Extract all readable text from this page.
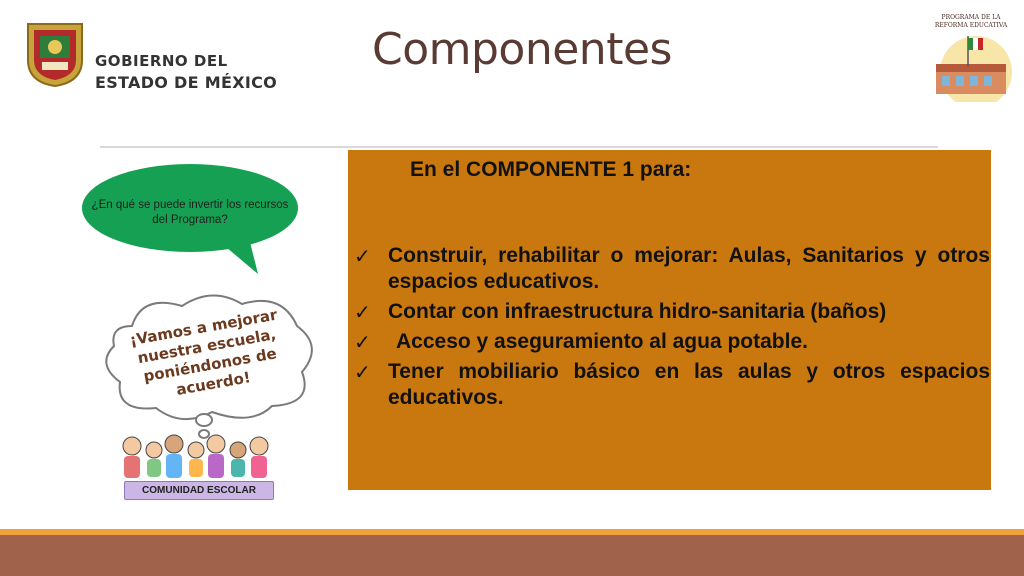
GOBIERNO DEL
ESTADO DE MÉXICO
Componentes
PROGRAMA DE LA
REFORMA EDUCATIVA
¿En qué se puede invertir los recursos del Programa?
¡Vamos a mejorar nuestra escuela, poniéndonos de acuerdo!
COMUNIDAD ESCOLAR
En el COMPONENTE 1 para:
✓ Construir, rehabilitar o mejorar: Aulas, Sanitarios y otros espacios educativos.
✓ Contar con infraestructura hidro-sanitaria (baños)
✓	Acceso y aseguramiento al agua potable.
✓ Tener mobiliario básico en las aulas y otros espacios educativos.
